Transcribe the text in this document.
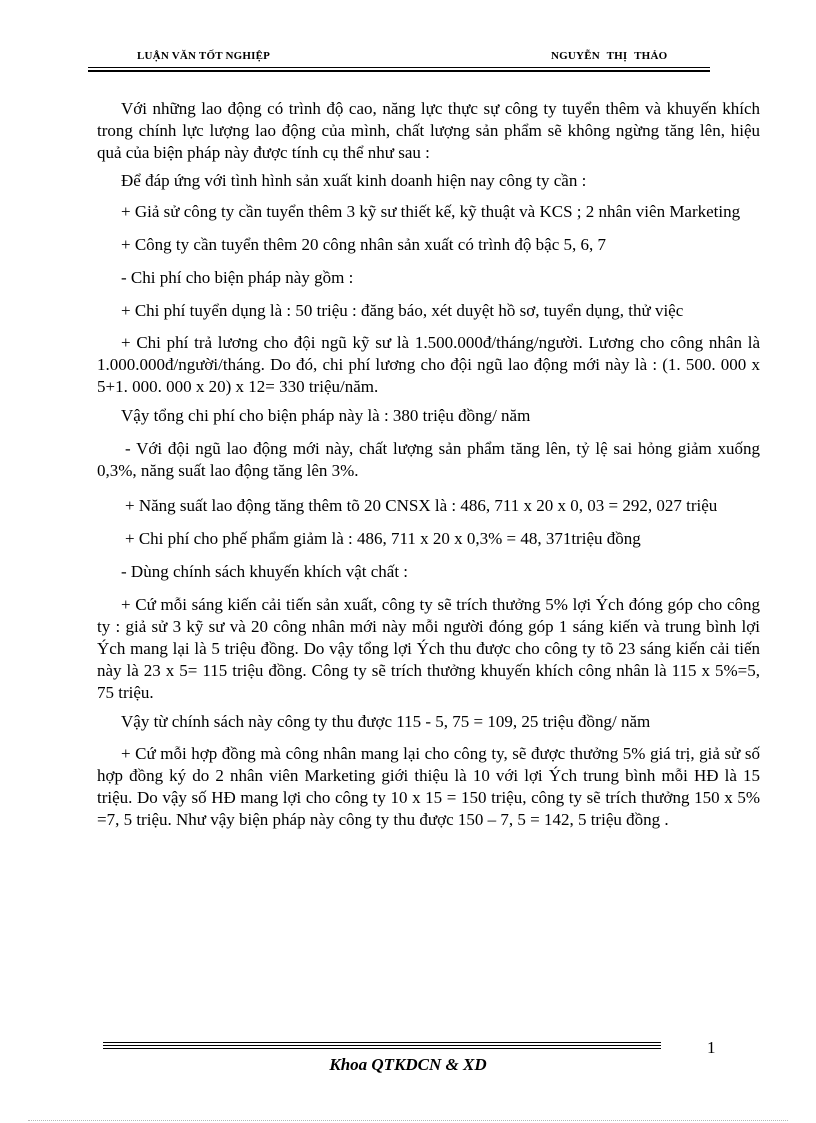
LUẬN VĂN TỐT NGHIỆP	NGUYỄN THỊ THẢO

Với những lao động có trình độ cao, năng lực thực sự công ty tuyển thêm và khuyến khích trong chính lực lượng lao động của mình, chất lượng sản phẩm sẽ không ngừng tăng lên, hiệu quả của biện pháp này được tính cụ thể như sau :

Để đáp ứng với tình hình sản xuất kinh doanh hiện nay công ty cần :

+ Giả sử công ty cần tuyển thêm 3 kỹ sư thiết kế, kỹ thuật và KCS ; 2 nhân viên Marketing

+ Công ty cần tuyển thêm 20 công nhân sản xuất có trình độ bậc 5, 6, 7

- Chi phí cho biện pháp này gồm :

+ Chi phí tuyển dụng là : 50 triệu : đăng báo, xét duyệt hồ sơ, tuyển dụng, thử việc

+ Chi phí trả lương cho đội ngũ kỹ sư là 1.500.000đ/tháng/người. Lương cho công nhân là 1.000.000đ/người/tháng. Do đó, chi phí lương cho đội ngũ lao động mới này là : (1. 500. 000 x 5+1. 000. 000 x 20) x 12= 330 triệu/năm.

Vậy tổng chi phí cho biện pháp này là : 380 triệu đồng/ năm

- Với đội ngũ lao động mới này, chất lượng sản phẩm tăng lên, tỷ lệ sai hỏng giảm xuống 0,3%, năng suất lao động tăng lên 3%.

+ Năng suất lao động tăng thêm tõ 20 CNSX là : 486, 711 x 20 x 0, 03 = 292, 027 triệu

+ Chi phí cho phế phẩm giảm là : 486, 711 x 20 x 0,3% = 48, 371triệu đồng

- Dùng chính sách khuyến khích vật chất :

+ Cứ mỗi sáng kiến cải tiến sản xuất, công ty sẽ trích thưởng 5% lợi Ých đóng góp cho công ty : giả sử 3 kỹ sư và 20 công nhân mới này mỗi người đóng góp 1 sáng kiến và trung bình lợi Ých mang lại là 5 triệu đồng. Do vậy tổng lợi Ých thu được cho công ty tõ 23 sáng kiến cải tiến này là 23 x 5= 115 triệu đồng. Công ty sẽ trích thưởng khuyến khích công nhân là 115 x 5%=5, 75 triệu.

Vậy từ chính sách này công ty thu được 115 - 5, 75 = 109, 25 triệu đồng/ năm

+ Cứ mỗi hợp đồng mà công nhân mang lại cho công ty, sẽ được thưởng 5% giá trị, giả sử số hợp đồng ký do 2 nhân viên Marketing giới thiệu là 10 với lợi Ých trung bình mỗi HĐ là 15 triệu. Do vậy số HĐ mang lợi cho công ty 10 x 15 = 150 triệu, công ty sẽ trích thưởng 150 x 5% =7, 5 triệu. Như vậy biện pháp này công ty thu được 150 – 7, 5 = 142, 5 triệu đồng .

1
Khoa QTKDCN & XD
